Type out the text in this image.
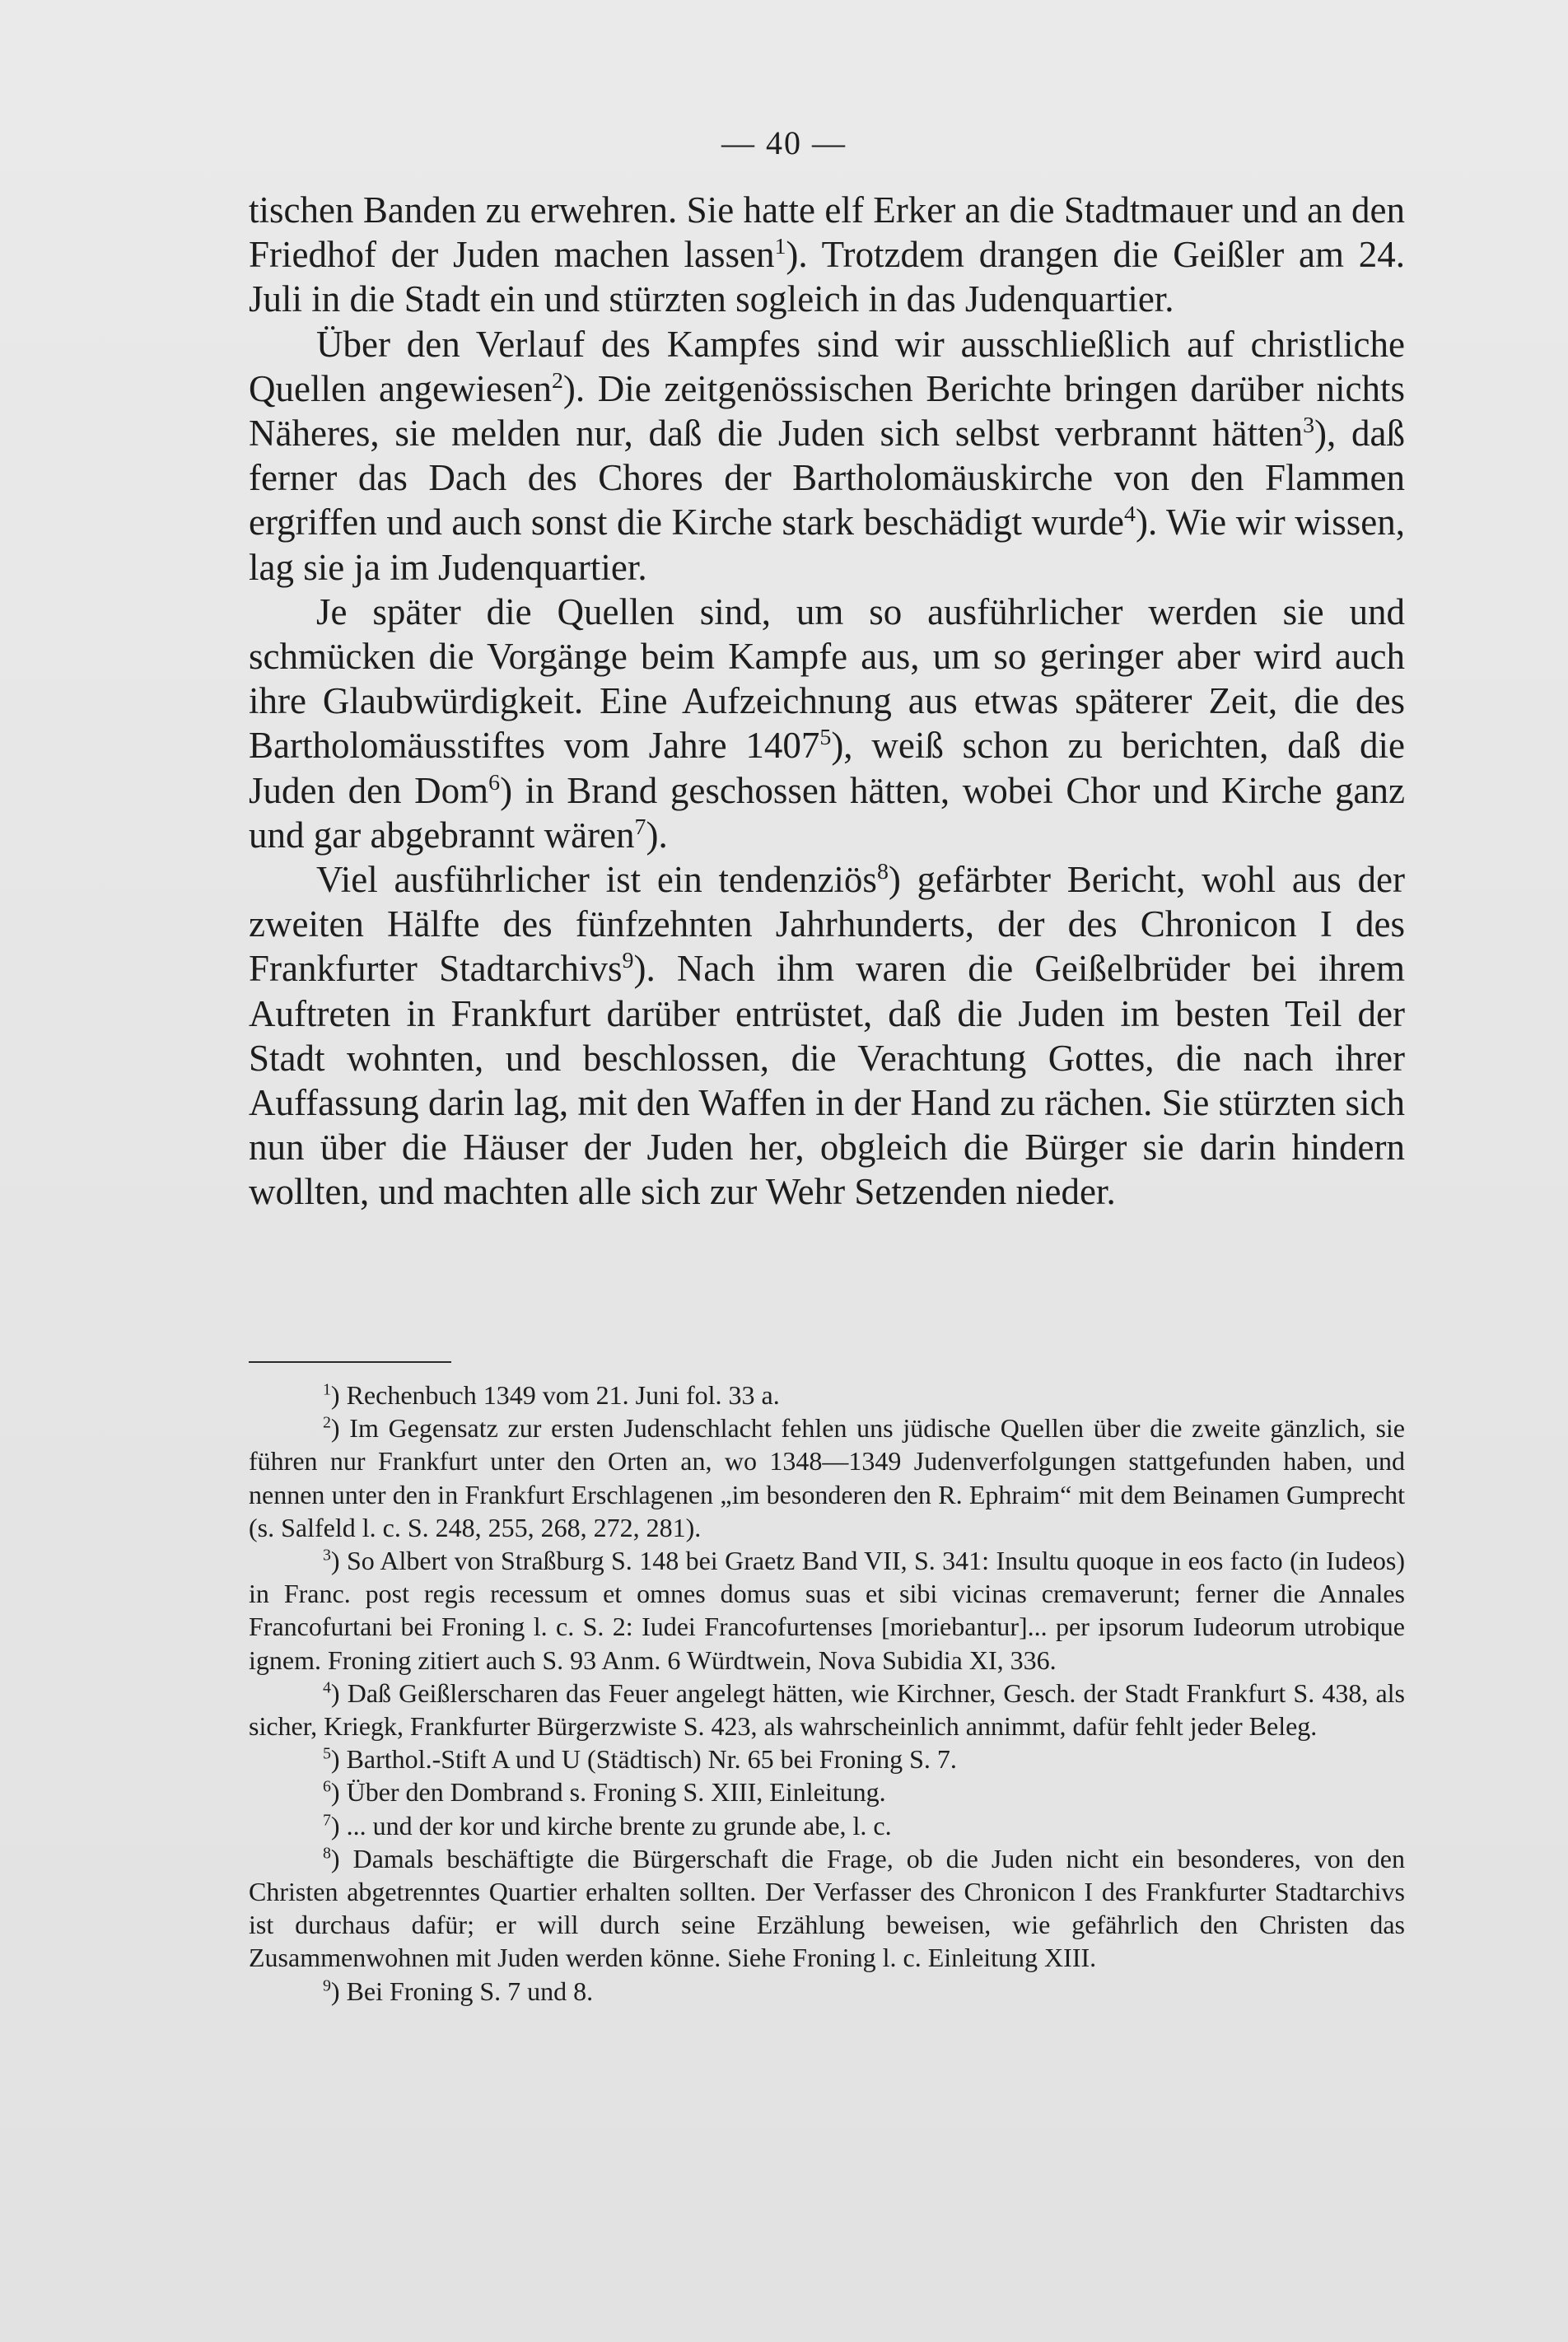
— 40 —

tischen Banden zu erwehren. Sie hatte elf Erker an die Stadtmauer und an den Friedhof der Juden machen lassen$^1$). Trotzdem drangen die Geißler am 24. Juli in die Stadt ein und stürzten sogleich in das Judenquartier.

Über den Verlauf des Kampfes sind wir ausschließlich auf christliche Quellen angewiesen$^2$). Die zeitgenössischen Berichte bringen darüber nichts Näheres, sie melden nur, daß die Juden sich selbst verbrannt hätten$^3$), daß ferner das Dach des Chores der Bartholomäuskirche von den Flammen ergriffen und auch sonst die Kirche stark beschädigt wurde$^4$). Wie wir wissen, lag sie ja im Judenquartier.

Je später die Quellen sind, um so ausführlicher werden sie und schmücken die Vorgänge beim Kampfe aus, um so geringer aber wird auch ihre Glaubwürdigkeit. Eine Aufzeichnung aus etwas späterer Zeit, die des Bartholomäusstiftes vom Jahre 1407$^5$), weiß schon zu berichten, daß die Juden den Dom$^6$) in Brand geschossen hätten, wobei Chor und Kirche ganz und gar abgebrannt wären$^7$).

Viel ausführlicher ist ein tendenziös$^8$) gefärbter Bericht, wohl aus der zweiten Hälfte des fünfzehnten Jahrhunderts, der des Chronicon I des Frankfurter Stadtarchivs$^9$). Nach ihm waren die Geißelbrüder bei ihrem Auftreten in Frankfurt darüber entrüstet, daß die Juden im besten Teil der Stadt wohnten, und beschlossen, die Verachtung Gottes, die nach ihrer Auffassung darin lag, mit den Waffen in der Hand zu rächen. Sie stürzten sich nun über die Häuser der Juden her, obgleich die Bürger sie darin hindern wollten, und machten alle sich zur Wehr Setzenden nieder.

$^1$) Rechenbuch 1349 vom 21. Juni fol. 33 a.

$^2$) Im Gegensatz zur ersten Judenschlacht fehlen uns jüdische Quellen über die zweite gänzlich, sie führen nur Frankfurt unter den Orten an, wo 1348—1349 Judenverfolgungen stattgefunden haben, und nennen unter den in Frankfurt Erschlagenen „im besonderen den R. Ephraim“ mit dem Beinamen Gumprecht (s. Salfeld l. c. S. 248, 255, 268, 272, 281).

$^3$) So Albert von Straßburg S. 148 bei Graetz Band VII, S. 341: Insultu quoque in eos facto (in Iudeos) in Franc. post regis recessum et omnes domus suas et sibi vicinas cremaverunt; ferner die Annales Francofurtani bei Froning l. c. S. 2: Iudei Francofurtenses [moriebantur]... per ipsorum Iudeorum utrobique ignem. Froning zitiert auch S. 93 Anm. 6 Würdtwein, Nova Subidia XI, 336.

$^4$) Daß Geißlerscharen das Feuer angelegt hätten, wie Kirchner, Gesch. der Stadt Frankfurt S. 438, als sicher, Kriegk, Frankfurter Bürgerzwiste S. 423, als wahrscheinlich annimmt, dafür fehlt jeder Beleg.

$^5$) Barthol.-Stift A und U (Städtisch) Nr. 65 bei Froning S. 7.

$^6$) Über den Dombrand s. Froning S. XIII, Einleitung.

$^7$) ... und der kor und kirche brente zu grunde abe, l. c.

$^8$) Damals beschäftigte die Bürgerschaft die Frage, ob die Juden nicht ein besonderes, von den Christen abgetrenntes Quartier erhalten sollten. Der Verfasser des Chronicon I des Frankfurter Stadtarchivs ist durchaus dafür; er will durch seine Erzählung beweisen, wie gefährlich den Christen das Zusammenwohnen mit Juden werden könne. Siehe Froning l. c. Einleitung XIII.

$^9$) Bei Froning S. 7 und 8.
